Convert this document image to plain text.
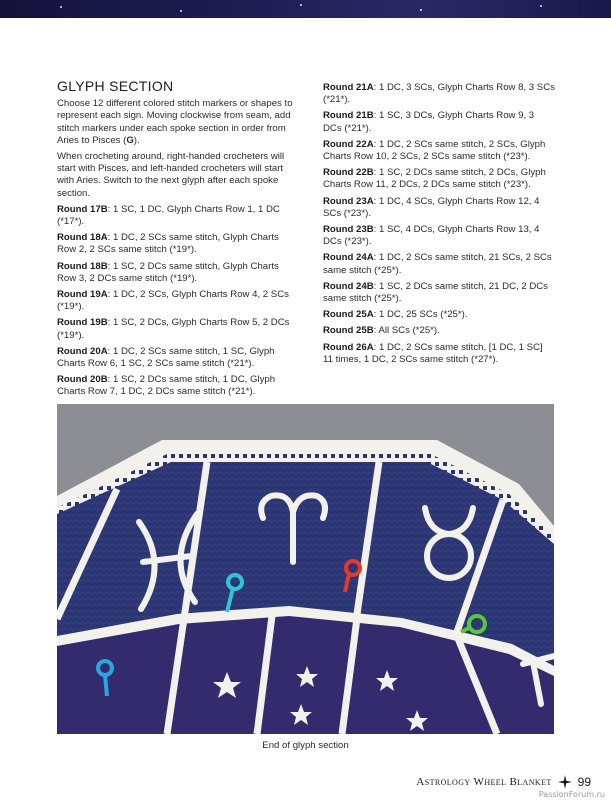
GLYPH SECTION

Choose 12 different colored stitch markers or shapes to represent each sign. Moving clockwise from seam, add stitch markers under each spoke section in order from Aries to Pisces (G).

When crocheting around, right-handed crocheters will start with Pisces, and left-handed crocheters will start with Aries. Switch to the next glyph after each spoke section.

Round 17B: 1 SC, 1 DC, Glyph Charts Row 1, 1 DC (*17*).

Round 18A: 1 DC, 2 SCs same stitch, Glyph Charts Row 2, 2 SCs same stitch (*19*).

Round 18B: 1 SC, 2 DCs same stitch, Glyph Charts Row 3, 2 DCs same stitch (*19*).

Round 19A: 1 DC, 2 SCs, Glyph Charts Row 4, 2 SCs (*19*).

Round 19B: 1 SC, 2 DCs, Glyph Charts Row 5, 2 DCs (*19*).

Round 20A: 1 DC, 2 SCs same stitch, 1 SC, Glyph Charts Row 6, 1 SC, 2 SCs same stitch (*21*).

Round 20B: 1 SC, 2 DCs same stitch, 1 DC, Glyph Charts Row 7, 1 DC, 2 DCs same stitch (*21*).

Round 21A: 1 DC, 3 SCs, Glyph Charts Row 8, 3 SCs (*21*).

Round 21B: 1 SC, 3 DCs, Glyph Charts Row 9, 3 DCs (*21*).

Round 22A: 1 DC, 2 SCs same stitch, 2 SCs, Glyph Charts Row 10, 2 SCs, 2 SCs same stitch (*23*).

Round 22B: 1 SC, 2 DCs same stitch, 2 DCs, Glyph Charts Row 11, 2 DCs, 2 DCs same stitch (*23*).

Round 23A: 1 DC, 4 SCs, Glyph Charts Row 12, 4 SCs (*23*).

Round 23B: 1 SC, 4 DCs, Glyph Charts Row 13, 4 DCs (*23*).

Round 24A: 1 DC, 2 SCs same stitch, 21 SCs, 2 SCs same stitch (*25*).

Round 24B: 1 SC, 2 DCs same stitch, 21 DC, 2 DCs same stitch (*25*).

Round 25A: 1 DC, 25 SCs (*25*).

Round 25B: All SCs (*25*).

Round 26A: 1 DC, 2 SCs same stitch, [1 DC, 1 SC] 11 times, 1 DC, 2 SCs same stitch (*27*).

End of glyph section
Astrology Wheel Blanket 99
PassionForum.ru
